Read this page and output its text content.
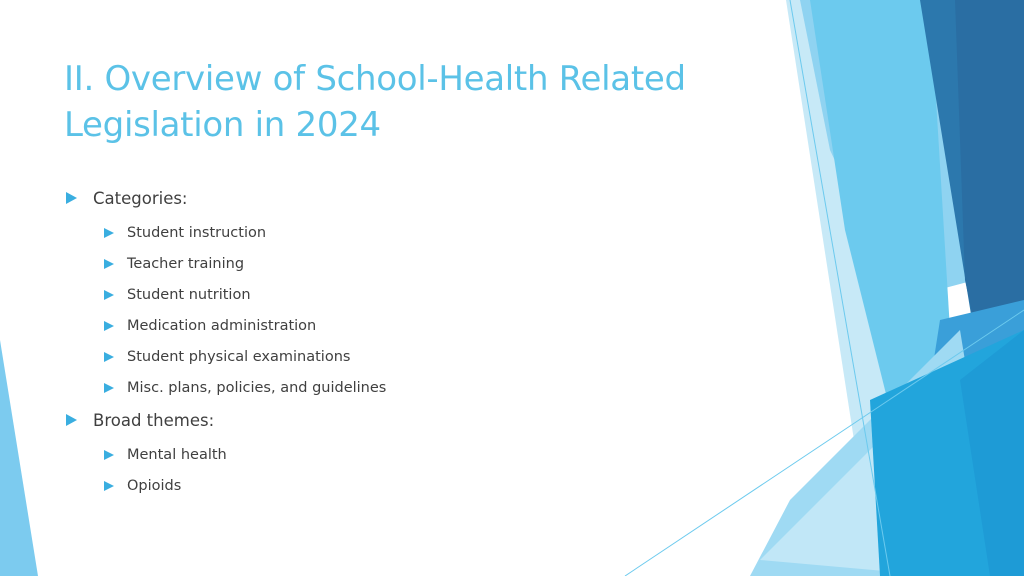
II. Overview of School-Health Related Legislation in 2024
Categories:
Student instruction
Teacher training
Student nutrition
Medication administration
Student physical examinations
Misc. plans, policies, and guidelines
Broad themes:
Mental health
Opioids
